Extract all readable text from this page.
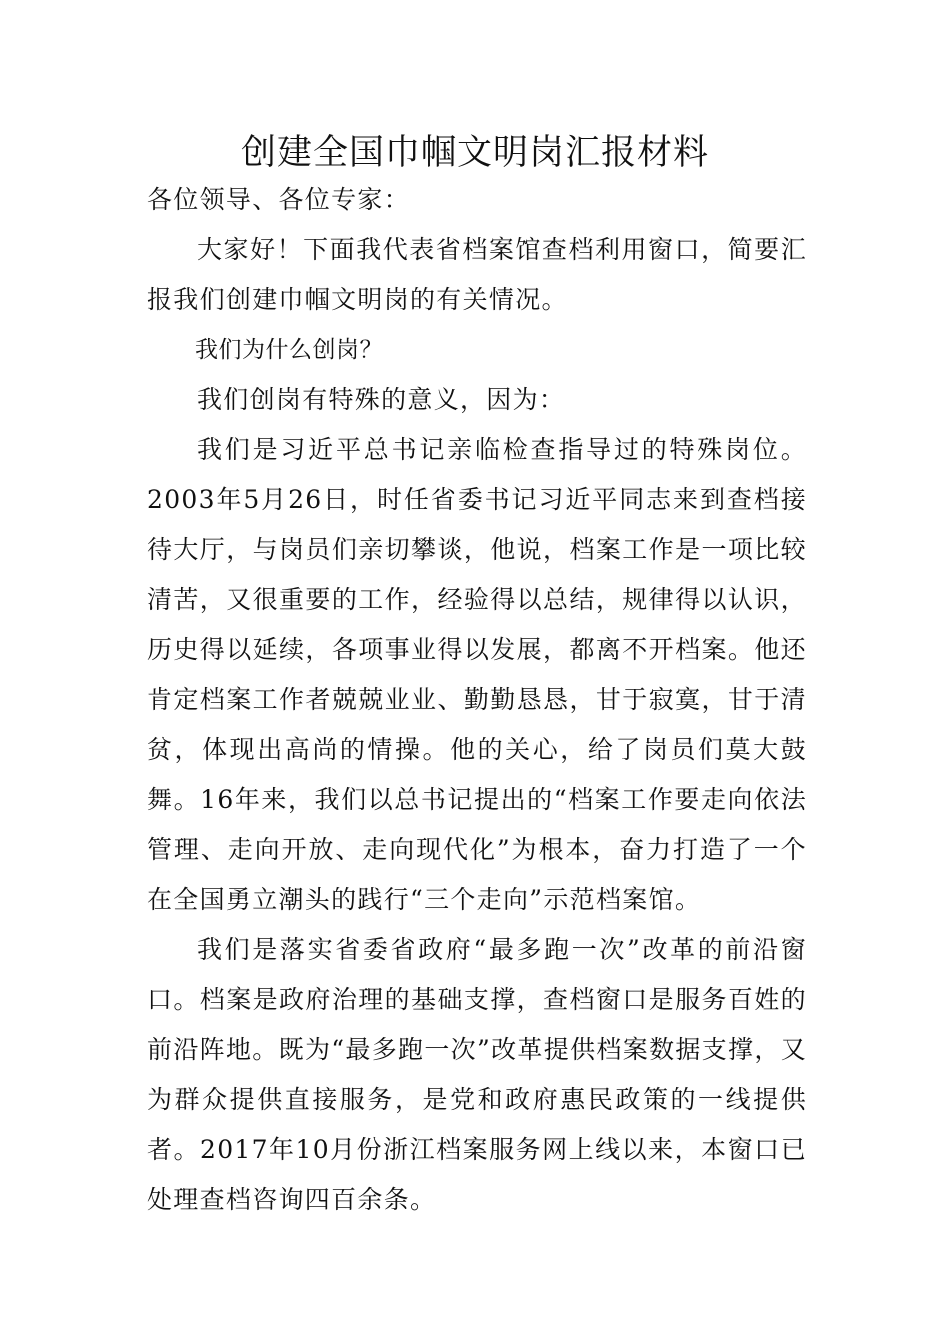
创建全国巾帼文明岗汇报材料

各位领导、各位专家：

大家好！下面我代表省档案馆查档利用窗口，简要汇报我们创建巾帼文明岗的有关情况。

我们为什么创岗？

我们创岗有特殊的意义，因为：

我们是习近平总书记亲临检查指导过的特殊岗位。2003年5月26日，时任省委书记习近平同志来到查档接待大厅，与岗员们亲切攀谈，他说，档案工作是一项比较清苦，又很重要的工作，经验得以总结，规律得以认识，历史得以延续，各项事业得以发展，都离不开档案。他还肯定档案工作者兢兢业业、勤勤恳恳，甘于寂寞，甘于清贫，体现出高尚的情操。他的关心，给了岗员们莫大鼓舞。16年来，我们以总书记提出的“档案工作要走向依法管理、走向开放、走向现代化”为根本，奋力打造了一个在全国勇立潮头的践行“三个走向”示范档案馆。

我们是落实省委省政府“最多跑一次”改革的前沿窗口。档案是政府治理的基础支撑，查档窗口是服务百姓的前沿阵地。既为“最多跑一次”改革提供档案数据支撑，又为群众提供直接服务，是党和政府惠民政策的一线提供者。2017年10月份浙江档案服务网上线以来，本窗口已处理查档咨询四百余条。
